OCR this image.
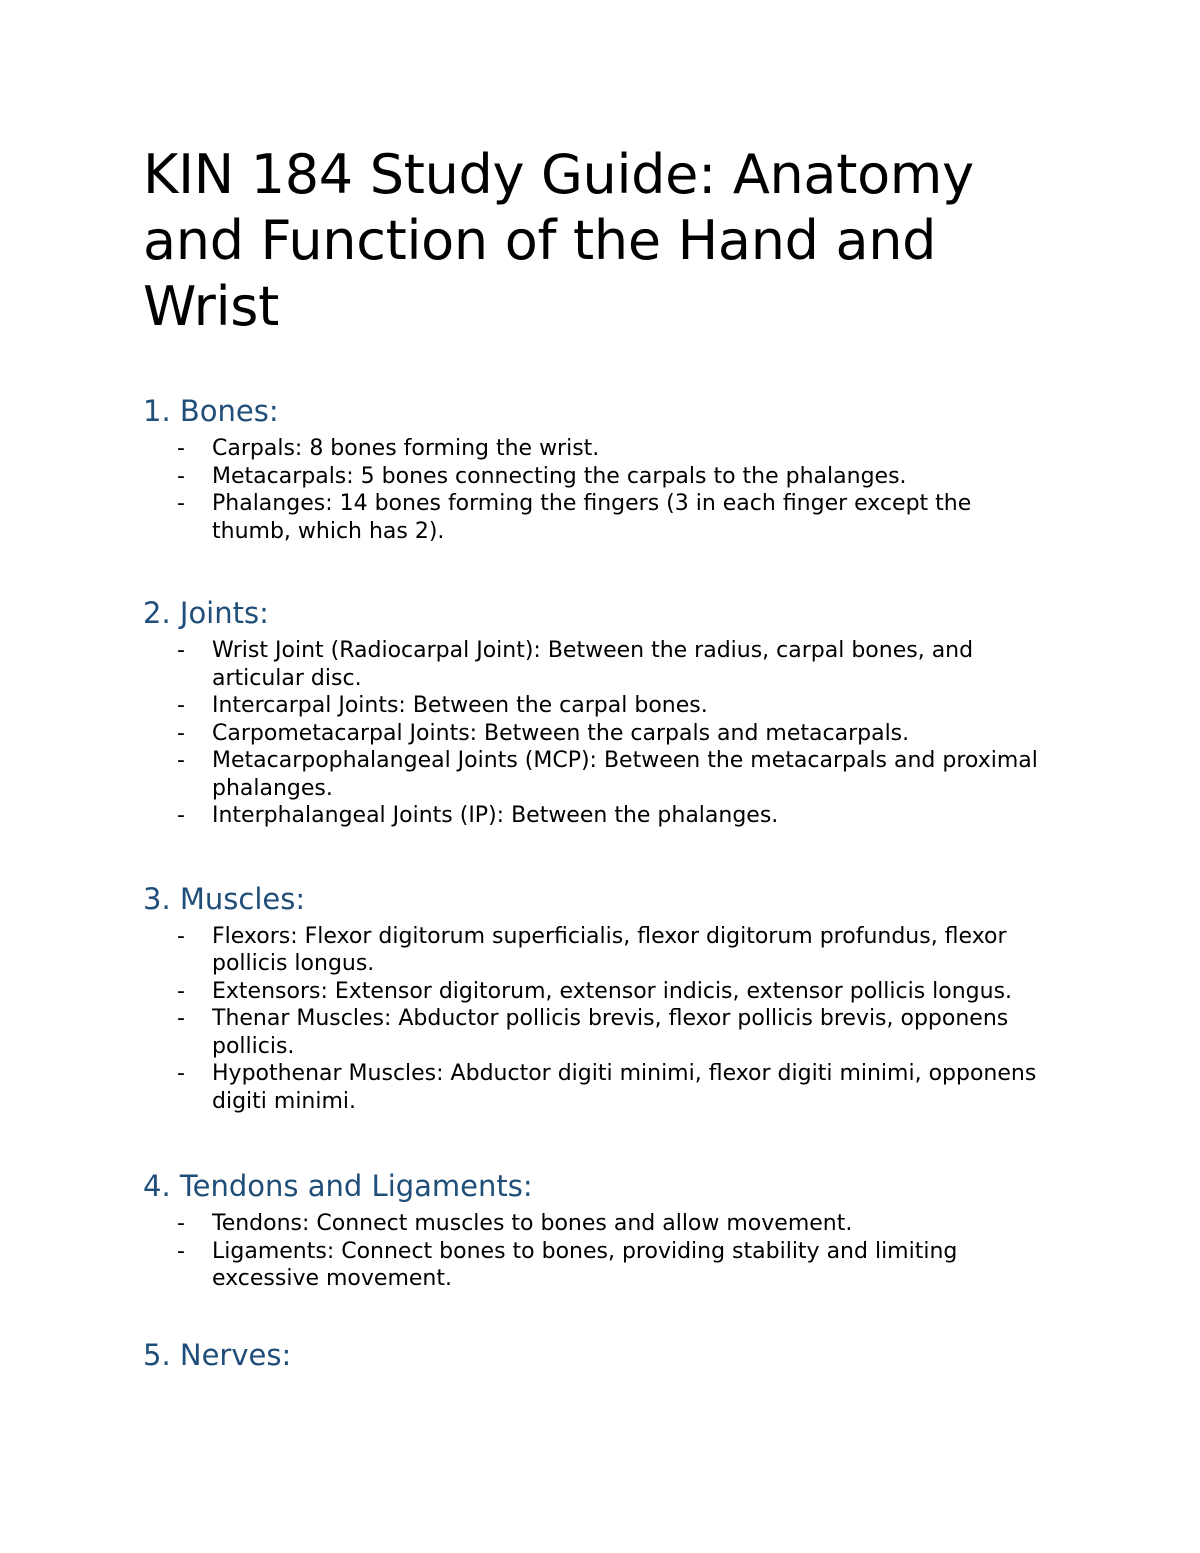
KIN 184 Study Guide: Anatomy and Function of the Hand and Wrist
1. Bones:
- Carpals: 8 bones forming the wrist.
- Metacarpals: 5 bones connecting the carpals to the phalanges.
- Phalanges: 14 bones forming the fingers (3 in each finger except the thumb, which has 2).
2. Joints:
- Wrist Joint (Radiocarpal Joint): Between the radius, carpal bones, and articular disc.
- Intercarpal Joints: Between the carpal bones.
- Carpometacarpal Joints: Between the carpals and metacarpals.
- Metacarpophalangeal Joints (MCP): Between the metacarpals and proximal phalanges.
- Interphalangeal Joints (IP): Between the phalanges.
3. Muscles:
- Flexors: Flexor digitorum superficialis, flexor digitorum profundus, flexor pollicis longus.
- Extensors: Extensor digitorum, extensor indicis, extensor pollicis longus.
- Thenar Muscles: Abductor pollicis brevis, flexor pollicis brevis, opponens pollicis.
- Hypothenar Muscles: Abductor digiti minimi, flexor digiti minimi, opponens digiti minimi.
4. Tendons and Ligaments:
- Tendons: Connect muscles to bones and allow movement.
- Ligaments: Connect bones to bones, providing stability and limiting excessive movement.
5. Nerves:
